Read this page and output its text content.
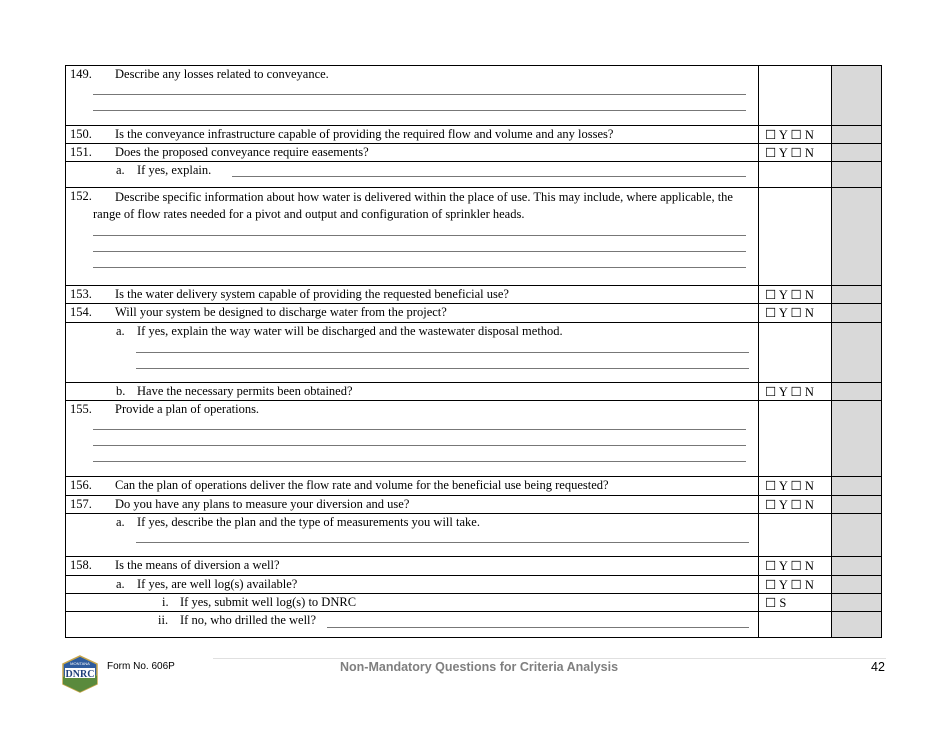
149. Describe any losses related to conveyance.
150. Is the conveyance infrastructure capable of providing the required flow and volume and any losses?	☐ Y ☐ N
151. Does the proposed conveyance require easements?	☐ Y ☐ N
a. If yes, explain.
152.	Describe specific information about how water is delivered within the place of use. This may include, where applicable, the range of flow rates needed for a pivot and output and configuration of sprinkler heads.
153. Is the water delivery system capable of providing the requested beneficial use?	☐ Y ☐ N
154. Will your system be designed to discharge water from the project?	☐ Y ☐ N
a. If yes, explain the way water will be discharged and the wastewater disposal method.
b. Have the necessary permits been obtained?	☐ Y ☐ N
155. Provide a plan of operations.
156. Can the plan of operations deliver the flow rate and volume for the beneficial use being requested?	☐ Y ☐ N
157. Do you have any plans to measure your diversion and use?	☐ Y ☐ N
a. If yes, describe the plan and the type of measurements you will take.
158. Is the means of diversion a well?	☐ Y ☐ N
a. If yes, are well log(s) available?	☐ Y ☐ N
i. If yes, submit well log(s) to DNRC	☐ S
ii. If no, who drilled the well?
DNRC
MONTANA Form No. 606P	Non-Mandatory Questions for Criteria Analysis	42
